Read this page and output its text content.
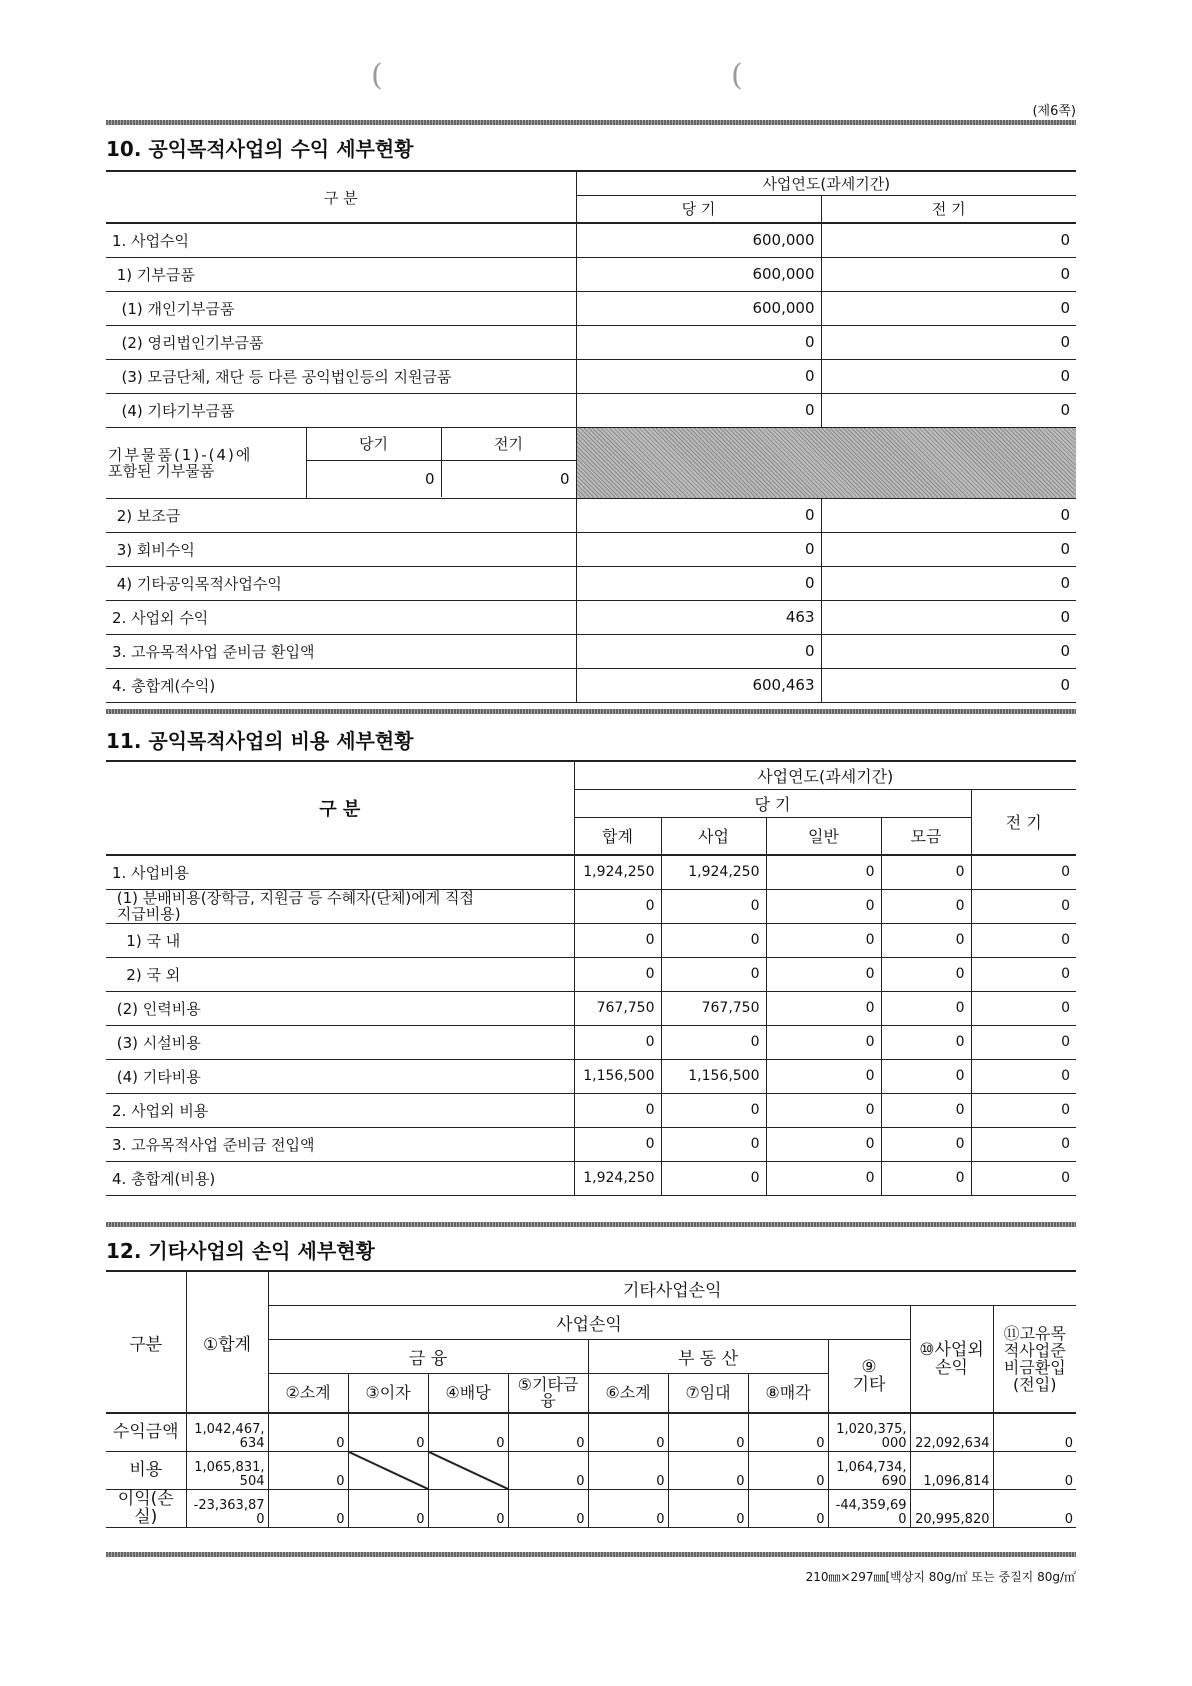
(	(
(제6쪽)
10. 공익목적사업의 수익 세부현황
구 분	사업연도(과세기간)
당 기	전 기
1. 사업수익	600,000	0
1) 기부금품	600,000	0
(1) 개인기부금품	600,000	0
(2) 영리법인기부금품	0	0
(3) 모금단체, 재단 등 다른 공익법인등의 지원금품	0	0
(4) 기타기부금품	0	0

기부물품(1)-(4)에
포함된 기부물품

당기	전기
0	0

2) 보조금	0	0
3) 회비수익	0	0
4) 기타공익목적사업수익	0	0
2. 사업외 수익	463	0
3. 고유목적사업 준비금 환입액	0	0
4. 총합계(수익)	600,463	0
11. 공익목적사업의 비용 세부현황
구 분	사업연도(과세기간)				
	당 기				전 기
	합계	사업	일반	모금	

1. 사업비용	1,924,250	1,924,250	0	0	0

(1) 분배비용(장학금, 지원금 등 수혜자(단체)에게 직접
지급비용)	0	0	0	0	0

1) 국 내	0	0	0	0	0

2) 국 외	0	0	0	0	0

(2) 인력비용	767,750	767,750	0	0	0

(3) 시설비용	0	0	0	0	0

(4) 기타비용	1,156,500	1,156,500	0	0	0

2. 사업외 비용	0	0	0	0	0

3. 고유목적사업 준비금 전입액	0	0	0	0	0

4. 총합계(비용)	1,924,250	0	0	0	0
12. 기타사업의 손익 세부현황
구분	①합계	기타사업손익									
		사업손익								⑩사업외손익	⑪고유목적사업준비금환입(전입)
		금 융				부 동 산			⑨
기타		
		②소계	③이자	④배당	⑤기타금융	⑥소계	⑦임대	⑧매각			
수익금액	1,042,467,634	0	0	0	0	0	0	0	1,020,375,000	22,092,634	0
비용	1,065,831,504	0			0	0	0	0	1,064,734,690	1,096,814	0
이익(손실)	-23,363,870	0	0	0	0	0	0	0	-44,359,690	20,995,820	0
210㎜×297㎜[백상지 80g/㎡ 또는 중질지 80g/㎡
